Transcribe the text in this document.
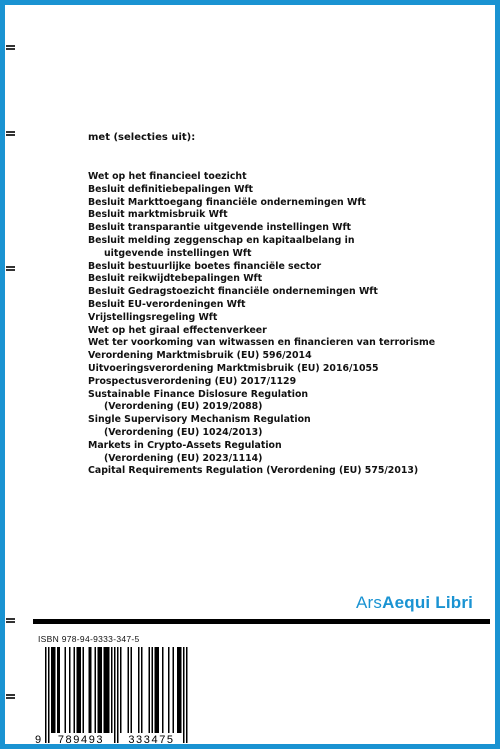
met (selecties uit):
Wet op het financieel toezicht
Besluit definitiebepalingen Wft
Besluit Markttoegang financiële ondernemingen Wft
Besluit marktmisbruik Wft
Besluit transparantie uitgevende instellingen Wft
Besluit melding zeggenschap en kapitaalbelang in
uitgevende instellingen Wft
Besluit bestuurlijke boetes financiële sector
Besluit reikwijdtebepalingen Wft
Besluit Gedragstoezicht financiële ondernemingen Wft
Besluit EU-verordeningen Wft
Vrijstellingsregeling Wft
Wet op het giraal effectenverkeer
Wet ter voorkoming van witwassen en financieren van terrorisme
Verordening Marktmisbruik (EU) 596/2014
Uitvoeringsverordening Marktmisbruik (EU) 2016/1055
Prospectusverordening (EU) 2017/1129
Sustainable Finance Dislosure Regulation
(Verordening (EU) 2019/2088)
Single Supervisory Mechanism Regulation
(Verordening (EU) 1024/2013)
Markets in Crypto-Assets Regulation
(Verordening (EU) 2023/1114)
Capital Requirements Regulation (Verordening (EU) 575/2013)
ArsAequi Libri
ISBN 978-94-9333-347-5
9 789493 333475
